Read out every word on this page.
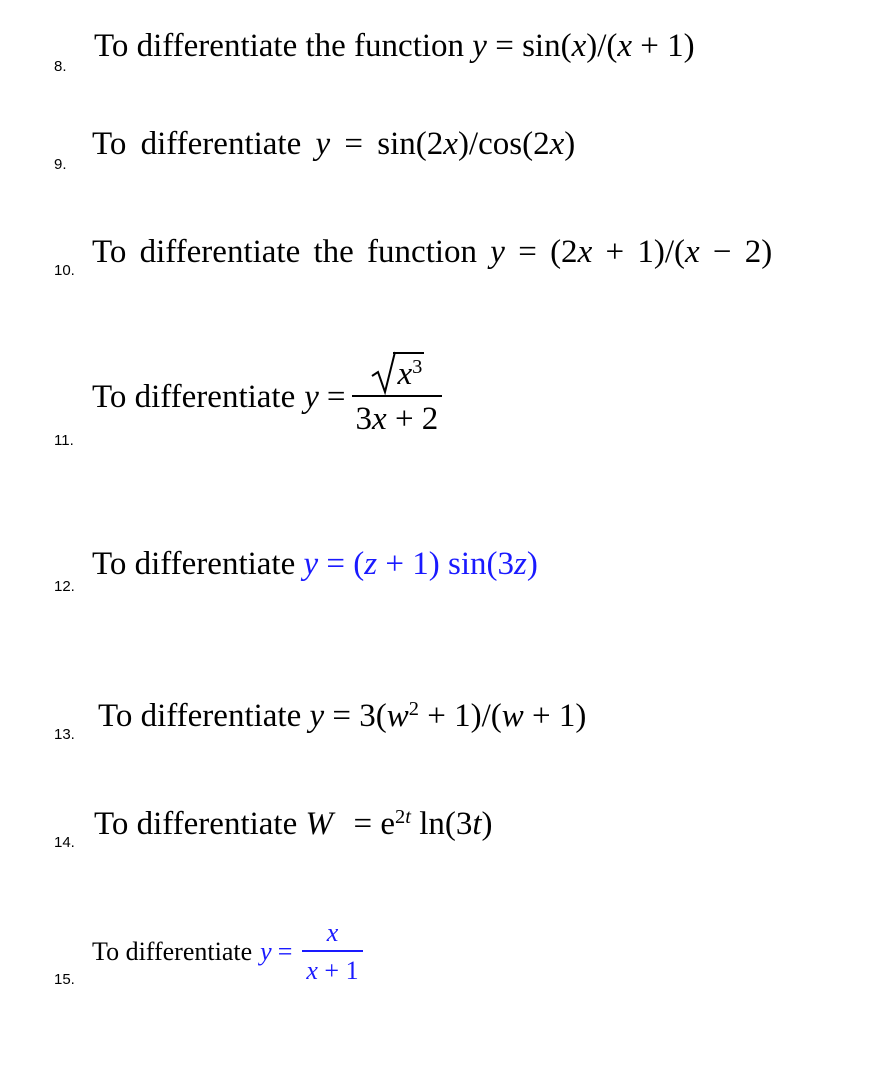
8.
To differentiate the function y = sin(x)/(x + 1)
9.
To differentiate y = sin(2x)/cos(2x)
10.
To differentiate the function y = (2x + 1)/(x − 2)
11.
To differentiate $y = \frac{x^3}{3x + 2}$
12.
To differentiate y = (z + 1) sin(3z)
13.
To differentiate $y = 3(w^2 + 1)/(w + 1)$
14.
To differentiate $W = e^{2t}$ ln(3t)
15.
To differentiate $y = \frac{x}{x + 1}$
